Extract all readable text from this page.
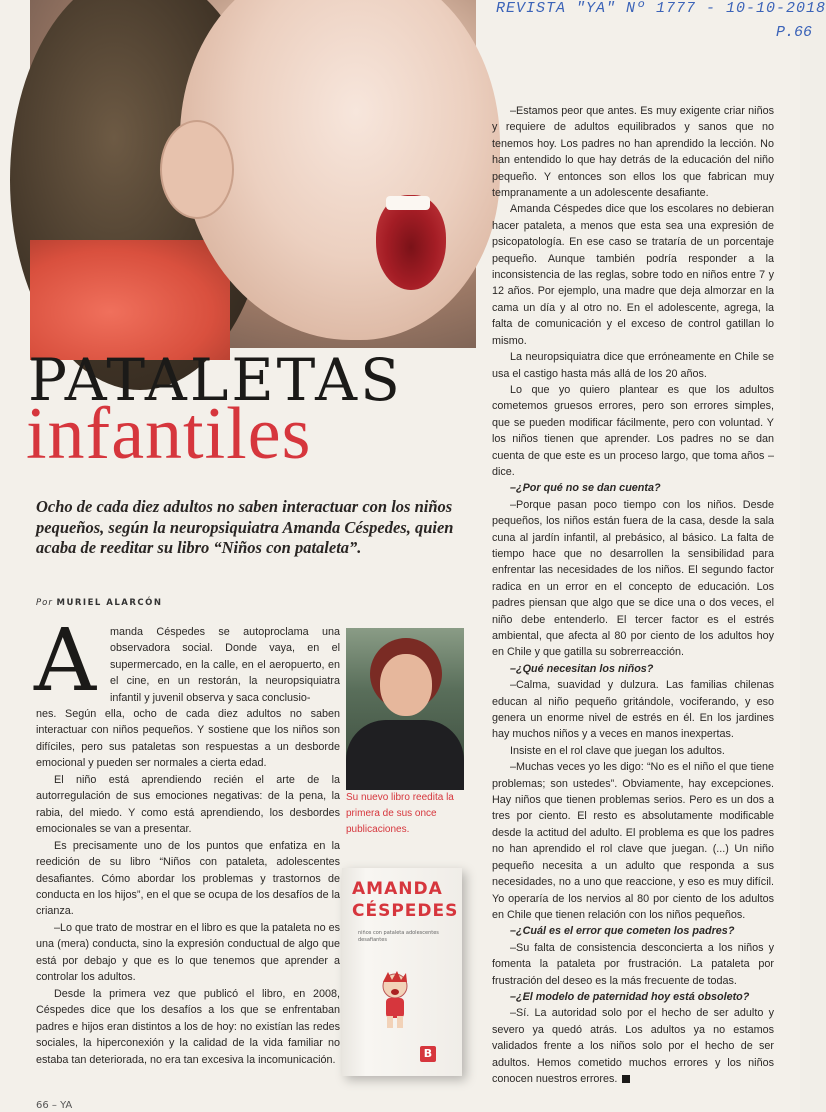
REVISTA "YA" Nº 1777 - 10-10-2018
P.66
PATALETAS
infantiles
Ocho de cada diez adultos no saben interactuar con los niños pequeños, según la neuropsiquiatra Amanda Céspedes, quien acaba de reeditar su libro “Niños con pataleta”.
Por MURIEL ALARCÓN
A manda Céspedes se autoproclama una observadora social. Donde vaya, en el supermercado, en la calle, en el aeropuerto, en el cine, en un restorán, la neuropsiquiatra infantil y juvenil observa y saca conclusio-

nes. Según ella, ocho de cada diez adultos no saben interactuar con niños pequeños. Y sostiene que los niños son difíciles, pero sus pataletas son respuestas a un desborde emocional y pueden ser normales a cierta edad.

El niño está aprendiendo recién el arte de la autorregulación de sus emociones negativas: de la pena, la rabia, del miedo. Y como está aprendiendo, los desbordes emocionales se van a presentar.

Es precisamente uno de los puntos que enfatiza en la reedición de su libro “Niños con pataleta, adolescentes desafiantes. Cómo abordar los problemas y trastornos de conducta en los hijos”, en el que se ocupa de los desafíos de la crianza.

–Lo que trato de mostrar en el libro es que la pataleta no es una (mera) conducta, sino la expresión conductual de algo que está por debajo y que es lo que tenemos que aprender a controlar los adultos.

Desde la primera vez que publicó el libro, en 2008, Céspedes dice que los desafíos a los que se enfrentaban padres e hijos eran distintos a los de hoy: no existían las redes sociales, la hiperconexión y la calidad de la vida familiar no estaba tan deteriorada, no era tan excesiva la incomunicación.

Su nuevo libro reedita la primera de sus once publicaciones.
AMANDA CÉSPEDES
niños con pataleta adolescentes desafiantes
B

–Estamos peor que antes. Es muy exigente criar niños y requiere de adultos equilibrados y sanos que no tenemos hoy. Los padres no han aprendido la lección. No han entendido lo que hay detrás de la educación del niño pequeño. Y entonces son ellos los que fabrican muy tempranamente a un adolescente desafiante.

Amanda Céspedes dice que los escolares no debieran hacer pataleta, a menos que esta sea una expresión de psicopatología. En ese caso se trataría de un porcentaje pequeño. Aunque también podría responder a la inconsistencia de las reglas, sobre todo en niños entre 7 y 12 años. Por ejemplo, una madre que deja almorzar en la cama un día y al otro no. En el adolescente, agrega, la falta de comunicación y el exceso de control gatillan lo mismo.

La neuropsiquiatra dice que erróneamente en Chile se usa el castigo hasta más allá de los 20 años.

Lo que yo quiero plantear es que los adultos cometemos gruesos errores, pero son errores simples, que se pueden modificar fácilmente, pero con voluntad. Y los niños tienen que aprender. Los padres no se dan cuenta de que este es un proceso largo, que toma años –dice.

–¿Por qué no se dan cuenta?

–Porque pasan poco tiempo con los niños. Desde pequeños, los niños están fuera de la casa, desde la sala cuna al jardín infantil, al prebásico, al básico. La falta de tiempo hace que no desarrollen la sensibilidad para enfrentar las necesidades de los niños. El segundo factor radica en un error en el concepto de educación. Los padres piensan que algo que se dice una o dos veces, el niño debe entenderlo. El tercer factor es el estrés ambiental, que afecta al 80 por ciento de los adultos hoy en Chile y que gatilla su sobrerreacción.

–¿Qué necesitan los niños?

–Calma, suavidad y dulzura. Las familias chilenas educan al niño pequeño gritándole, vociferando, y eso genera un enorme nivel de estrés en él. En los jardines hay muchos niños y a veces en manos inexpertas.

Insiste en el rol clave que juegan los adultos.

–Muchas veces yo les digo: “No es el niño el que tiene problemas; son ustedes”. Obviamente, hay excepciones. Hay niños que tienen problemas serios. Pero es un dos a tres por ciento. El resto es absolutamente modificable desde la actitud del adulto. El problema es que los padres no han aprendido el rol clave que juegan. (...) Un niño pequeño necesita a un adulto que responda a sus necesidades, no a uno que reaccione, y eso es muy difícil. Yo operaría de los nervios al 80 por ciento de los adultos en Chile que tienen relación con los niños pequeños.

–¿Cuál es el error que cometen los padres?

–Su falta de consistencia desconcierta a los niños y fomenta la pataleta por frustración. La pataleta por frustración del deseo es la más frecuente de todas.

–¿El modelo de paternidad hoy está obsoleto?

–Sí. La autoridad solo por el hecho de ser adulto y severo ya quedó atrás. Los adultos ya no estamos validados frente a los niños solo por el hecho de ser adultos. Hemos cometido muchos errores y los niños conocen nuestros errores.

66 – YA
